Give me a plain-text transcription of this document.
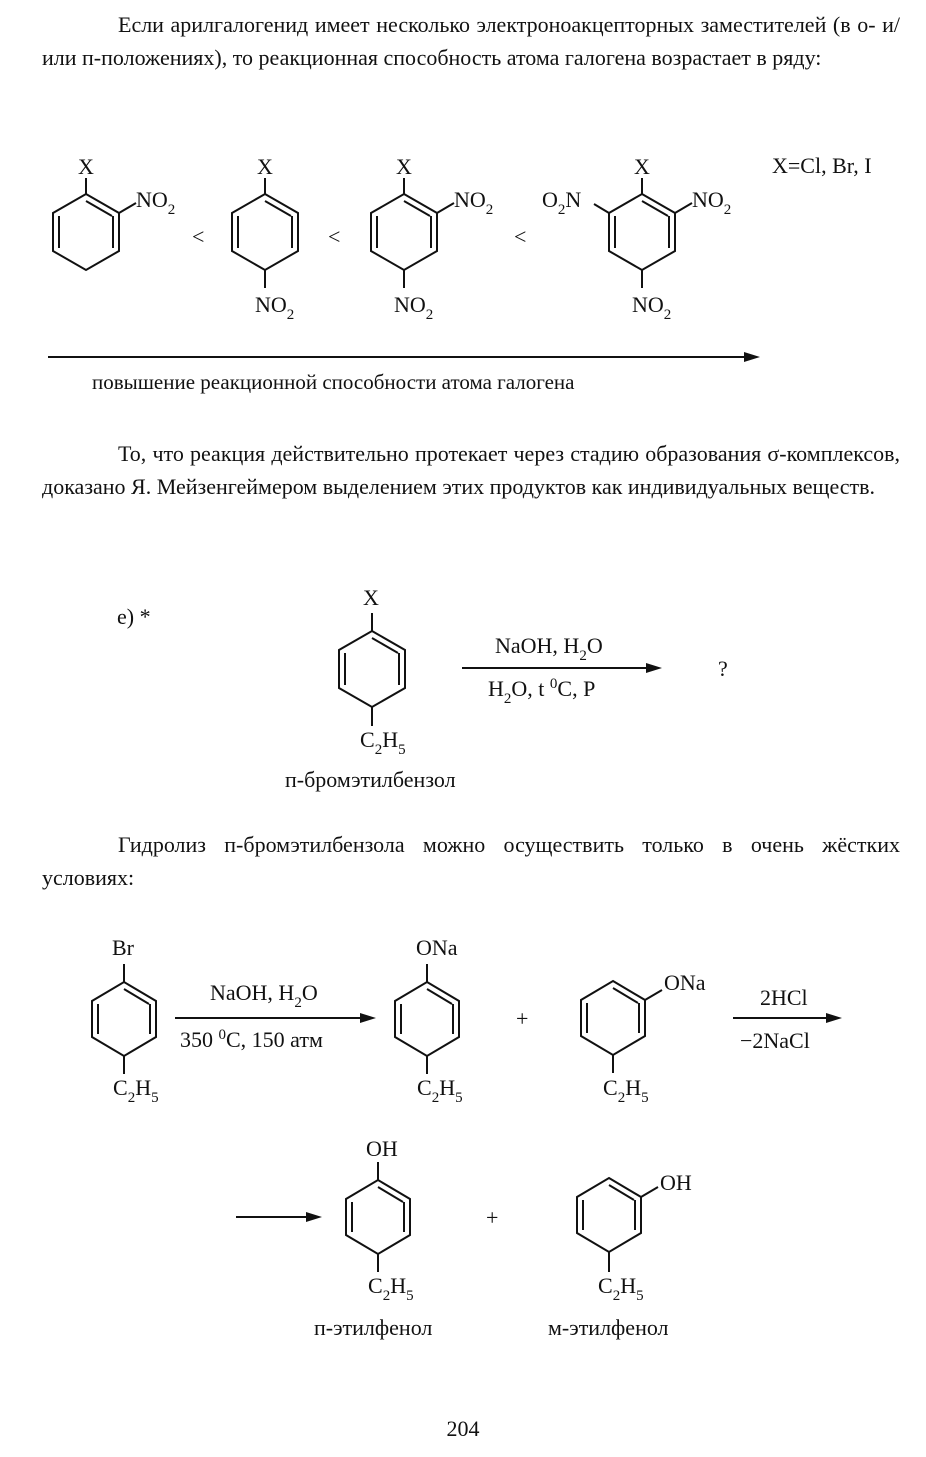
Если арилгалогенид имеет несколько электроноакцепторных заместителей (в о- и/или п-положениях), то реакционная способность атома галогена возрастает в ряду:
X
$NO_2$
<
X
$NO_2$
<
X
$NO_2$
$NO_2$
<
X
$O_2N$	$NO_2$
$NO_2$
X=Cl, Br, I
повышение реакционной способности атома галогена
То, что реакция действительно протекает через стадию образования σ-комплексов, доказано Я. Мейзенгеймером выделением этих продуктов как индивидуальных веществ.
е) *
X
$C_2H_5$
NaOH, $H_2O$
$H_2O$, t $^0$C, P
?
п-бромэтилбензол
Гидролиз п-бромэтилбензола можно осуществить только в очень жёстких условиях:
Br
$C_2H_5$
NaOH, $H_2O$
350 $^0$C, 150 атм
ONa
$C_2H_5$
+
ONa
$C_2H_5$
2HCl
−2NaCl
OH
$C_2H_5$
+
OH
$C_2H_5$
п-этилфенол	м-этилфенол
204
